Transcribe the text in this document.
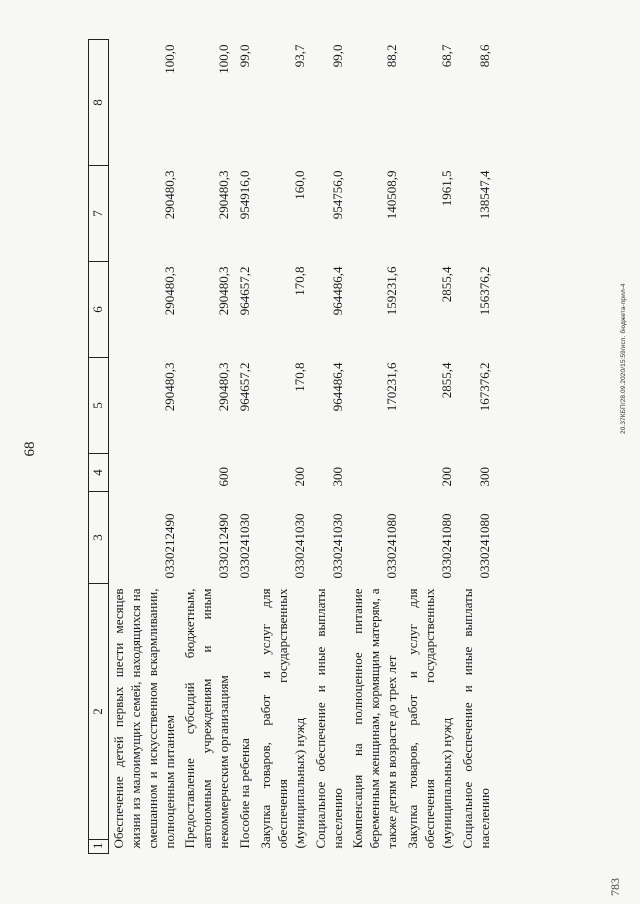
68
1	2	3	4	5	6	7	8
Обеспечение детей первых шести месяцев жизни из малоимущих семей, находящихся на смешанном и искусственном вскармливании, полноценным питанием		0330212490		290480,3	290480,3	290480,3	100,0
Предоставление субсидий бюджетным, автономным учреждениям и иным некоммерческим организациям		0330212490	600	290480,3	290480,3	290480,3	100,0
Пособие на ребенка		0330241030		964657,2	964657,2	954916,0	99,0
Закупка товаров, работ и услуг для обеспечения государственных (муниципальных) нужд		0330241030	200	170,8	170,8	160,0	93,7
Социальное обеспечение и иные выплаты населению		0330241030	300	964486,4	964486,4	954756,0	99,0
Компенсация на полноценное питание беременным женщинам, кормящим матерям, а также детям в возрасте до трех лет		0330241080		170231,6	159231,6	140508,9	88,2
Закупка товаров, работ и услуг для обеспечения государственных (муниципальных) нужд		0330241080	200	2855,4	2855,4	1961,5	68,7
Социальное обеспечение и иные выплаты населению		0330241080	300	167376,2	156376,2	138547,4	88,6
783
20.37КБП/28.09.2020/15:59/исп. бюджета-прил-4
